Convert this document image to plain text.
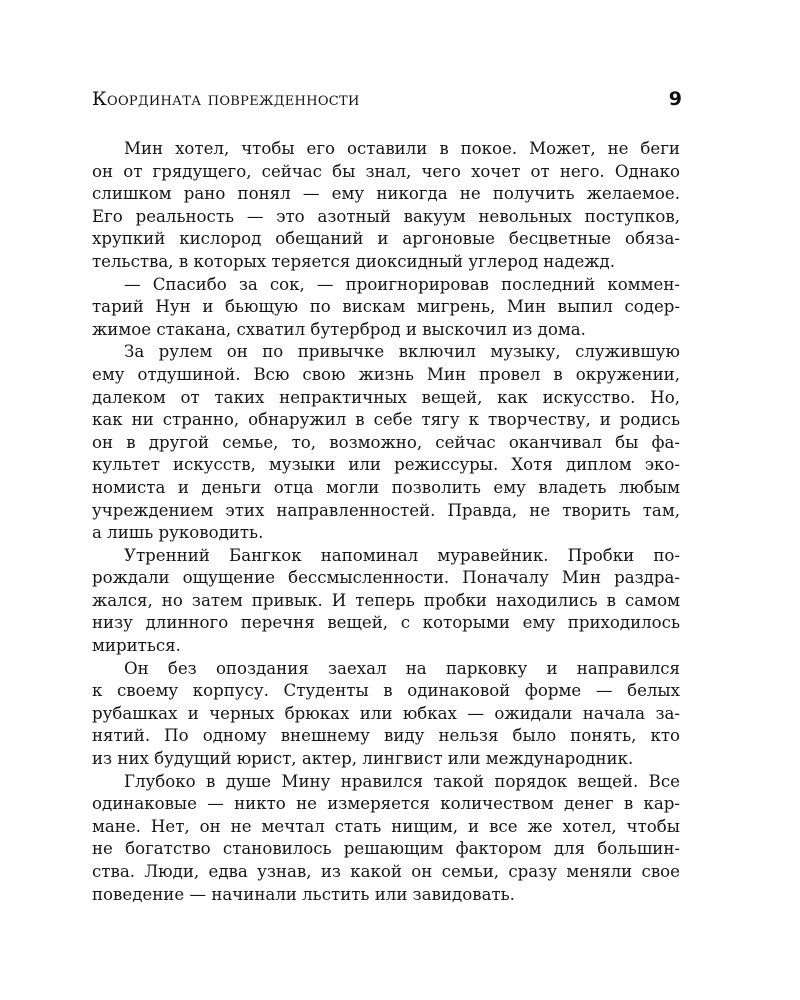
Координата поврежденности	9
Мин хотел, чтобы его оставили в покое. Может, не беги
он от грядущего, сейчас бы знал, чего хочет от него. Однако
слишком рано понял — ему никогда не получить желаемое.
Его реальность — это азотный вакуум невольных поступков,
хрупкий кислород обещаний и аргоновые бесцветные обяза-
тельства, в которых теряется диоксидный углерод надежд.
— Спасибо за сок, — проигнорировав последний коммен-
тарий Нун и бьющую по вискам мигрень, Мин выпил содер-
жимое стакана, схватил бутерброд и выскочил из дома.
За рулем он по привычке включил музыку, служившую
ему отдушиной. Всю свою жизнь Мин провел в окружении,
далеком от таких непрактичных вещей, как искусство. Но,
как ни странно, обнаружил в себе тягу к творчеству, и родись
он в другой семье, то, возможно, сейчас оканчивал бы фа-
культет искусств, музыки или режиссуры. Хотя диплом эко-
номиста и деньги отца могли позволить ему владеть любым
учреждением этих направленностей. Правда, не творить там,
а лишь руководить.
Утренний Бангкок напоминал муравейник. Пробки по-
рождали ощущение бессмысленности. Поначалу Мин раздра-
жался, но затем привык. И теперь пробки находились в самом
низу длинного перечня вещей, с которыми ему приходилось
мириться.
Он без опоздания заехал на парковку и направился
к своему корпусу. Студенты в одинаковой форме — белых
рубашках и черных брюках или юбках — ожидали начала за-
нятий. По одному внешнему виду нельзя было понять, кто
из них будущий юрист, актер, лингвист или международник.
Глубоко в душе Мину нравился такой порядок вещей. Все
одинаковые — никто не измеряется количеством денег в кар-
мане. Нет, он не мечтал стать нищим, и все же хотел, чтобы
не богатство становилось решающим фактором для большин-
ства. Люди, едва узнав, из какой он семьи, сразу меняли свое
поведение — начинали льстить или завидовать.
